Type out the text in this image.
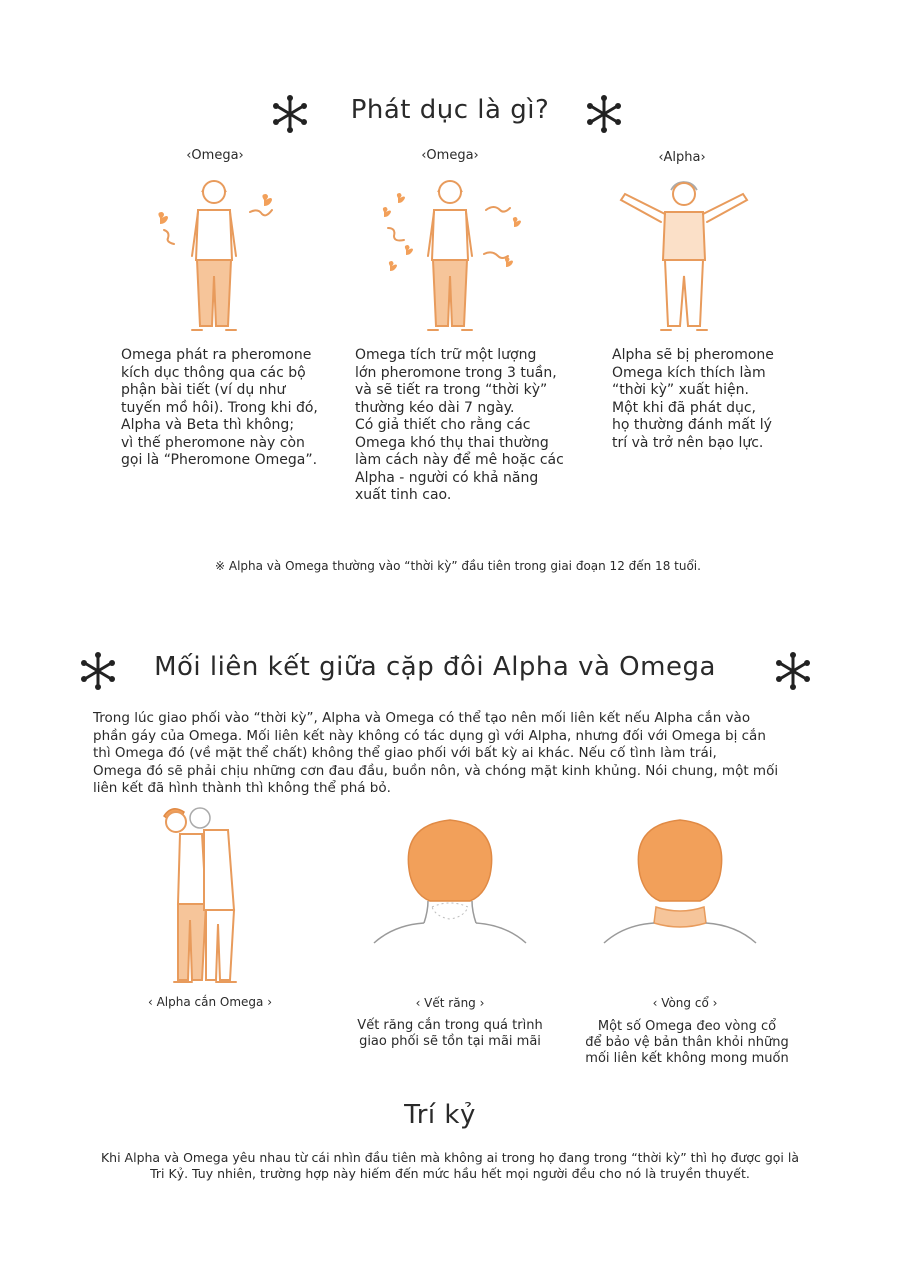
Phát dục là gì?
‹Omega›	‹Omega›	‹Alpha›
Omega phát ra pheromone
kích dục thông qua các bộ
phận bài tiết (ví dụ như
tuyến mồ hôi). Trong khi đó,
Alpha và Beta thì không;
vì thế pheromone này còn
gọi là “Pheromone Omega”.
Omega tích trữ một lượng
lớn pheromone trong 3 tuần,
và sẽ tiết ra trong “thời kỳ”
thường kéo dài 7 ngày.
Có giả thiết cho rằng các
Omega khó thụ thai thường
làm cách này để mê hoặc các
Alpha - người có khả năng
xuất tinh cao.
Alpha sẽ bị pheromone
Omega kích thích làm
“thời kỳ” xuất hiện.
Một khi đã phát dục,
họ thường đánh mất lý
trí và trở nên bạo lực.
※ Alpha và Omega thường vào “thời kỳ” đầu tiên trong giai đoạn 12 đến 18 tuổi.
Mối liên kết giữa cặp đôi Alpha và Omega
Trong lúc giao phối vào “thời kỳ”, Alpha và Omega có thể tạo nên mối liên kết nếu Alpha cắn vào
phần gáy của Omega. Mối liên kết này không có tác dụng gì với Alpha, nhưng đối với Omega bị cắn
thì Omega đó (về mặt thể chất) không thể giao phối với bất kỳ ai khác. Nếu cố tình làm trái,
Omega đó sẽ phải chịu những cơn đau đầu, buồn nôn, và chóng mặt kinh khủng. Nói chung, một mối
liên kết đã hình thành thì không thể phá bỏ.
‹ Alpha cắn Omega ›	‹ Vết răng ›	‹ Vòng cổ ›
Vết răng cắn trong quá trình
giao phối sẽ tồn tại mãi mãi
Một số Omega đeo vòng cổ
để bảo vệ bản thân khỏi những
mối liên kết không mong muốn
Trí kỷ
Khi Alpha và Omega yêu nhau từ cái nhìn đầu tiên mà không ai trong họ đang trong “thời kỳ” thì họ được gọi là
Tri Kỷ. Tuy nhiên, trường hợp này hiếm đến mức hầu hết mọi người đều cho nó là truyền thuyết.
